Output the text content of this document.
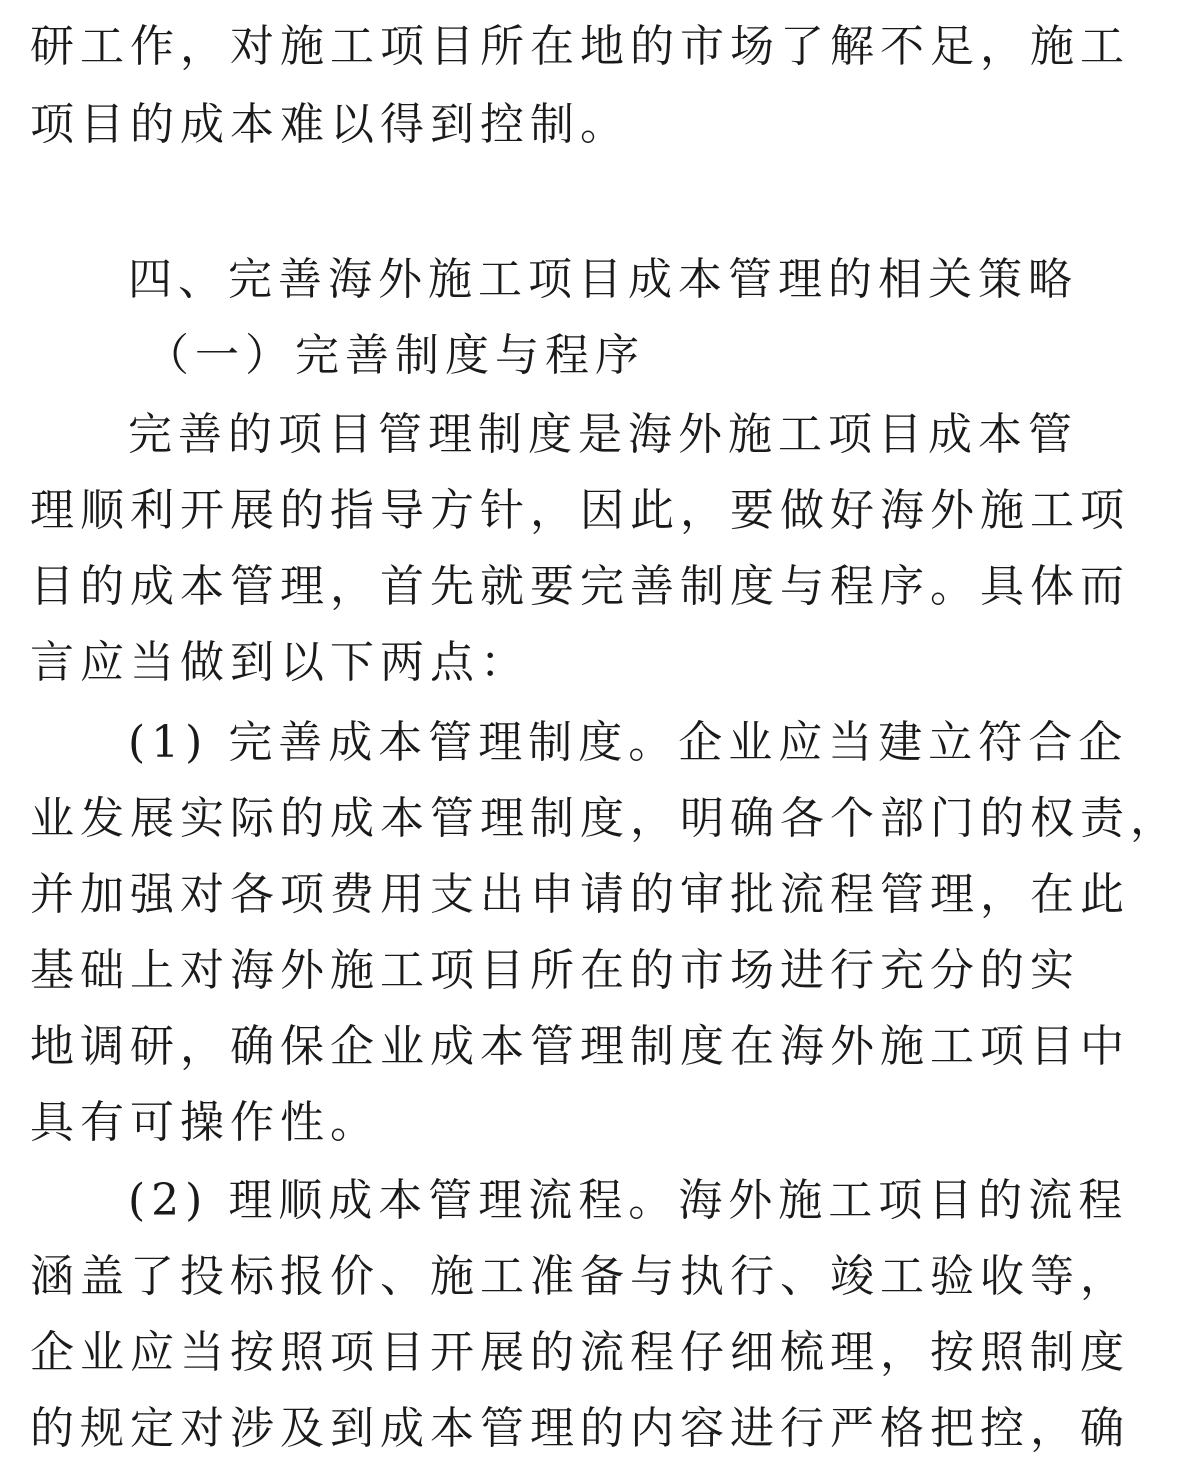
研工作，对施工项目所在地的市场了解不足，施工

项目的成本难以得到控制。

四、完善海外施工项目成本管理的相关策略
（一）完善制度与程序

完善的项目管理制度是海外施工项目成本管

理顺利开展的指导方针，因此，要做好海外施工项

目的成本管理，首先就要完善制度与程序。具体而

言应当做到以下两点：

(1) 完善成本管理制度。企业应当建立符合企

业发展实际的成本管理制度，明确各个部门的权责，

并加强对各项费用支出申请的审批流程管理，在此

基础上对海外施工项目所在的市场进行充分的实

地调研，确保企业成本管理制度在海外施工项目中

具有可操作性。

(2) 理顺成本管理流程。海外施工项目的流程

涵盖了投标报价、施工准备与执行、竣工验收等，

企业应当按照项目开展的流程仔细梳理，按照制度

的规定对涉及到成本管理的内容进行严格把控，确
